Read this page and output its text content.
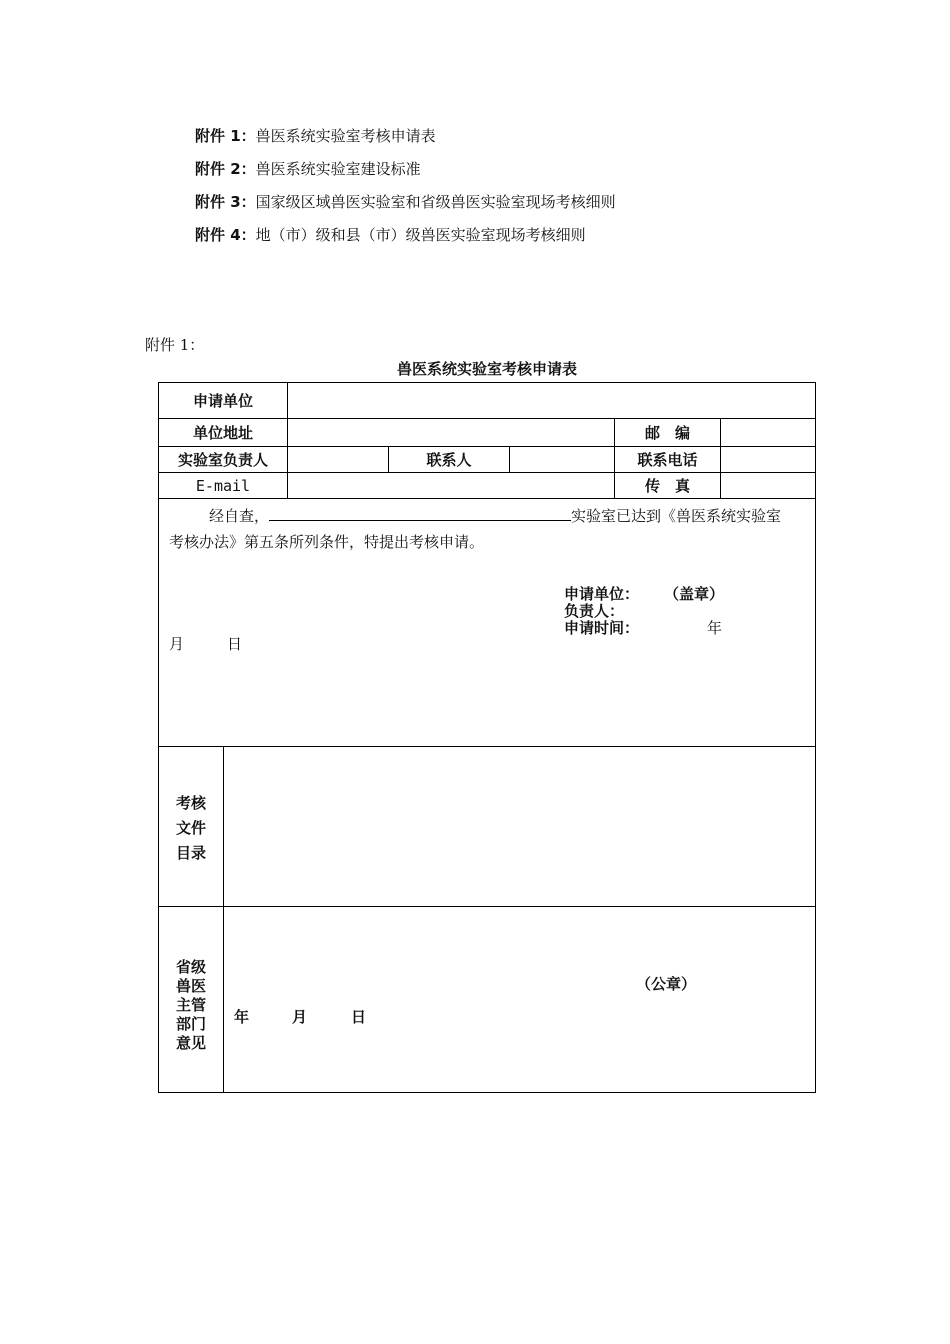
附件 1：兽医系统实验室考核申请表
附件 2：兽医系统实验室建设标准
附件 3：国家级区域兽医实验室和省级兽医实验室现场考核细则
附件 4：地（市）级和县（市）级兽医实验室现场考核细则
附件 1：
兽医系统实验室考核申请表
申请单位
单位地址	邮　编
实验室负责人	联系人	联系电话
E-mail	传　真
经自查，	实验室已达到《兽医系统实验室
考核办法》第五条所列条件，特提出考核申请。
申请单位： （盖章）
负责人：
申请时间：	年
月	日
考核
文件
目录
省级
兽医
主管
部门
意见
（公章）
年	月	日
